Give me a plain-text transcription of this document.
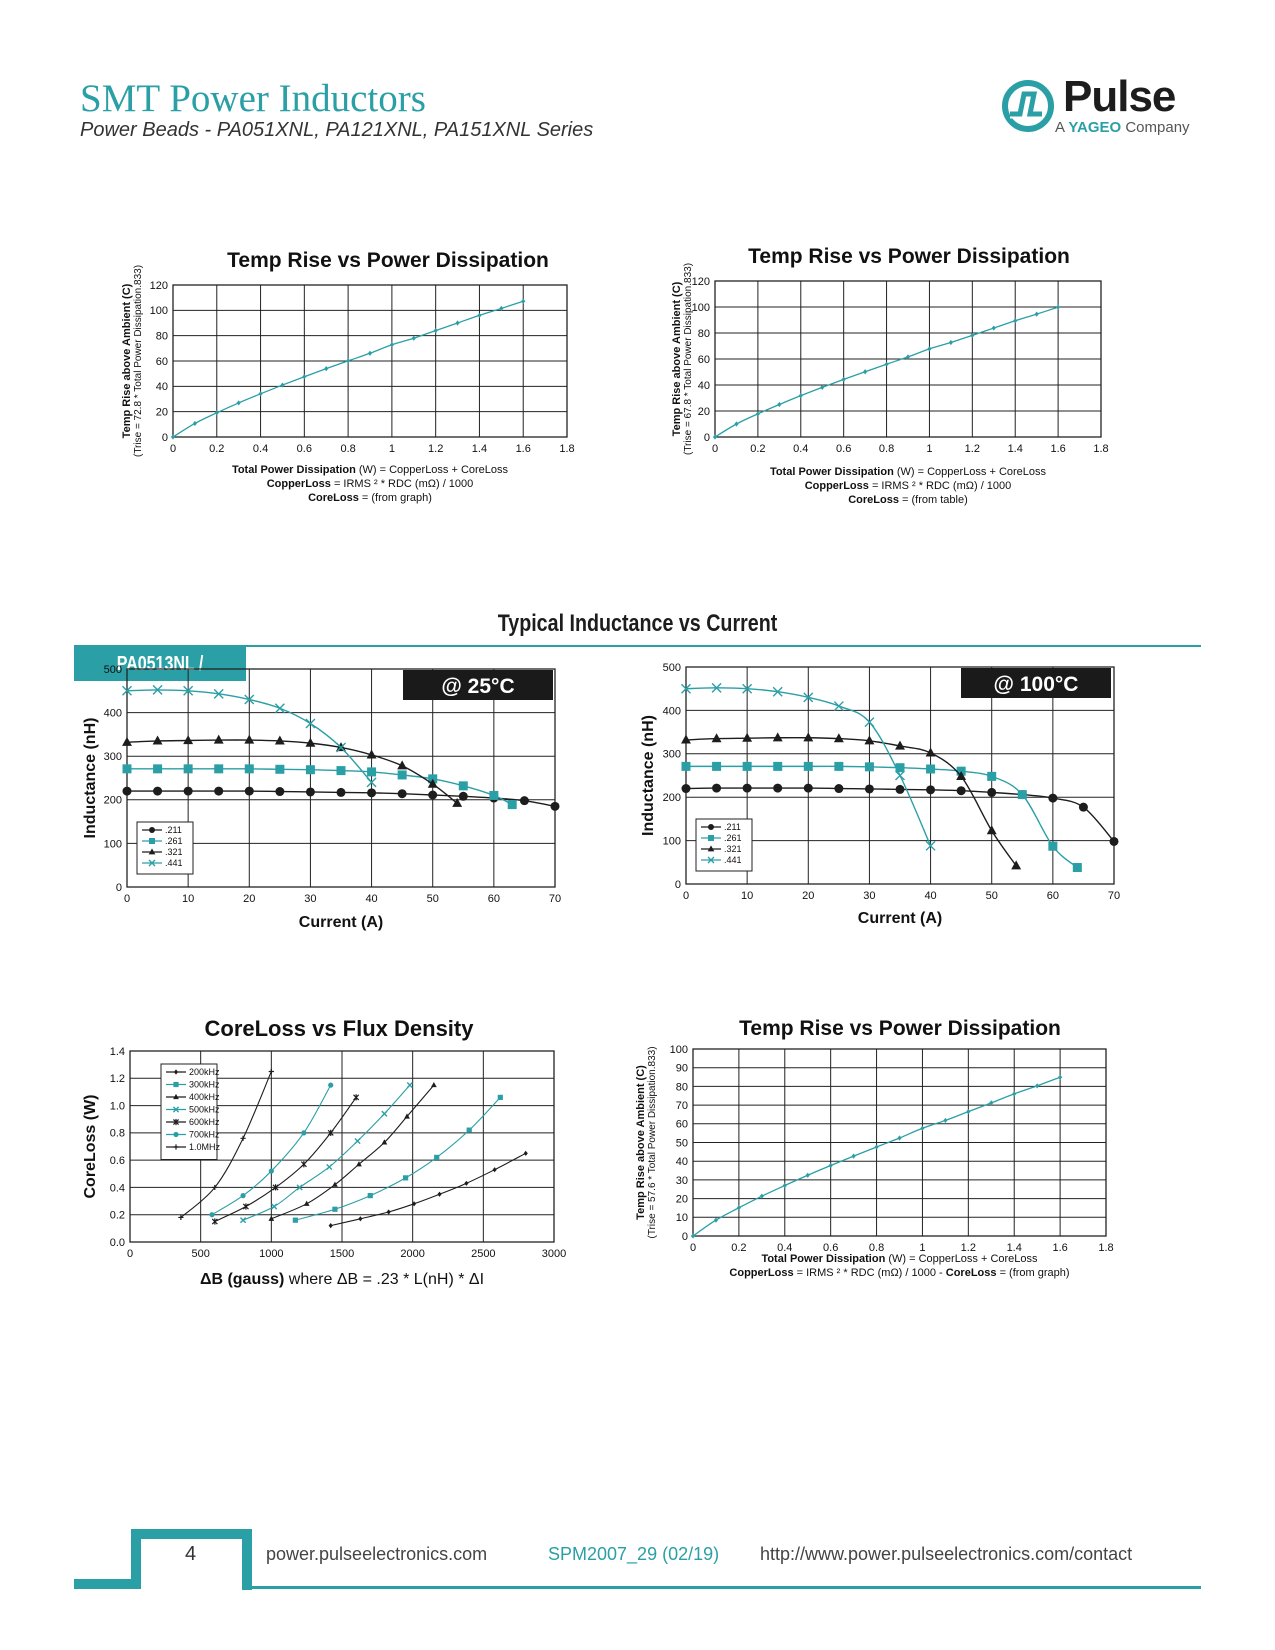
SMT Power Inductors
Power Beads - PA051XNL, PA121XNL, PA151XNL Series
Pulse
A YAGEO Company
0	0.2	0.4	0.6	0.8	1	1.2	1.4	1.6	1.8
0
20
40
60
80
100
120
Temp Rise vs Power Dissipation
Temp Rise above Ambient (C) (Trise = 72.8 * Total Power Dissipation.833)
Total Power Dissipation (W) = CopperLoss + CoreLoss
CopperLoss = IRMS ² * RDC (mΩ) / 1000
CoreLoss = (from graph)
0	0.2	0.4	0.6	0.8	1	1.2	1.4	1.6	1.8
0
20
40
60
80
100
120
Temp Rise vs Power Dissipation
Temp Rise above Ambient (C) (Trise = 67.8 * Total Power Dissipation.833)
Total Power Dissipation (W) = CopperLoss + CoreLoss
CopperLoss = IRMS ² * RDC (mΩ) / 1000
CoreLoss = (from table)
Typical Inductance vs Current
PA0513NL / PA1513NL
0	10	20	30	40	50	60	70
0
100
200
300
400
500
@ 25°C
Inductance (nH)
Current (A)
.211
.261
.321
.441
0	10	20	30	40	50	60	70
0
100
200
300
400
500
@ 100°C
Inductance (nH)
Current (A)
.211
.261
.321
.441
0	500	1000	1500	2000	2500	3000
0.0
0.2
0.4
0.6
0.8
1.0
1.2
1.4
CoreLoss vs Flux Density
CoreLoss (W)
ΔB (gauss) where ΔB = .23 * L(nH) * ΔI
200kHz
300kHz
400kHz
500kHz
600kHz
700kHz
1.0MHz
0	0.2	0.4	0.6	0.8	1	1.2	1.4	1.6	1.8
0
10
20
30
40
50
60
70
80
90
100
Temp Rise vs Power Dissipation
Temp Rise above Ambient (C) (Trise = 57.6 * Total Power Dissipation.833)
Total Power Dissipation (W) = CopperLoss + CoreLoss
CopperLoss = IRMS ² * RDC (mΩ) / 1000 - CoreLoss = (from graph)
4	power.pulseelectronics.com	SPM2007_29 (02/19) http://www.power.pulseelectronics.com/contact
